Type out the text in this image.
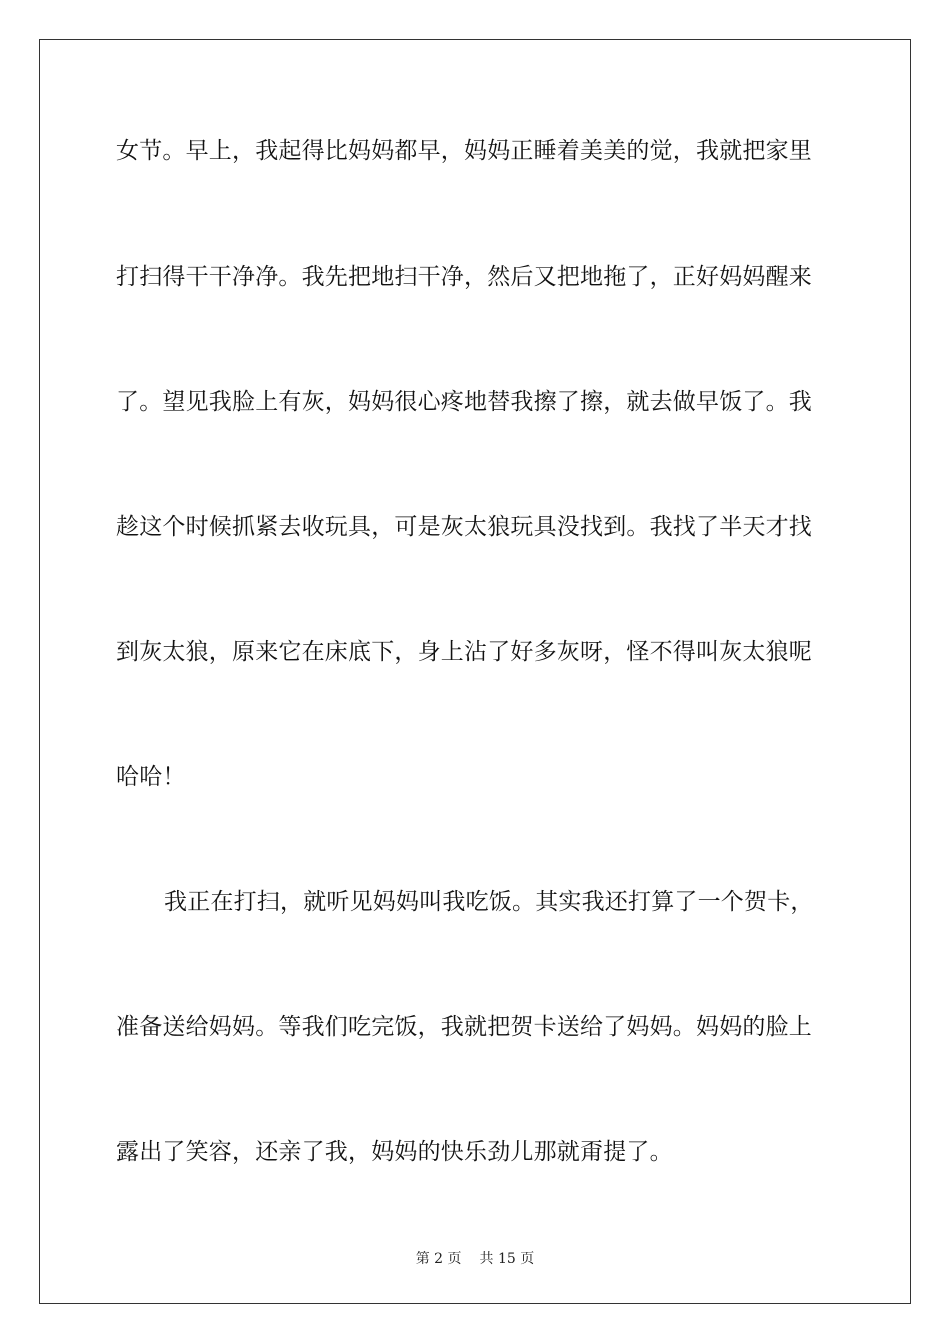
女节。早上，我起得比妈妈都早，妈妈正睡着美美的觉，我就把家里
打扫得干干净净。我先把地扫干净，然后又把地拖了，正好妈妈醒来
了。望见我脸上有灰，妈妈很心疼地替我擦了擦，就去做早饭了。我
趁这个时候抓紧去收玩具，可是灰太狼玩具没找到。我找了半天才找
到灰太狼，原来它在床底下，身上沾了好多灰呀，怪不得叫灰太狼呢
哈哈！
我正在打扫，就听见妈妈叫我吃饭。其实我还打算了一个贺卡，
准备送给妈妈。等我们吃完饭，我就把贺卡送给了妈妈。妈妈的脸上
露出了笑容，还亲了我，妈妈的快乐劲儿那就甭提了。
第 2 页 共 15 页
